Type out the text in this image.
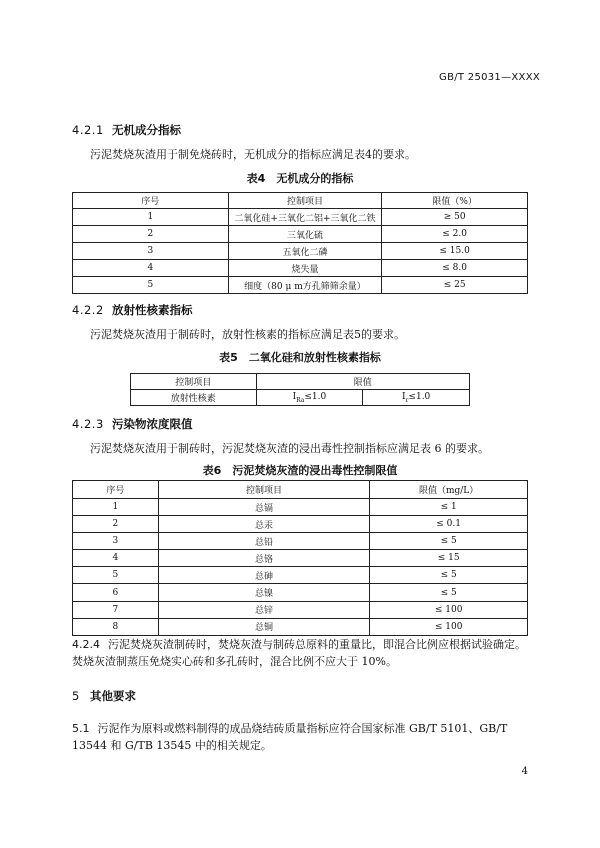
GB/T 25031—XXXX
4.2.1 无机成分指标
污泥焚烧灰渣用于制免烧砖时，无机成分的指标应满足表4的要求。
表4　无机成分的指标
序号	控制项目	限值（%）
1	二氧化硅+三氧化二铝+三氧化二铁	≥ 50
2	三氧化硫	≤ 2.0
3	五氧化二磷	≤ 15.0
4	烧失量	≤ 8.0
5	细度（80 μ m方孔筛筛余量）	≤ 25
4.2.2 放射性核素指标
污泥焚烧灰渣用于制砖时，放射性核素的指标应满足表5的要求。
表5　二氧化硅和放射性核素指标
控制项目	限值	
放射性核素	$I_{Ra}\le 1.0$	$I_r\le 1.0$
4.2.3 污染物浓度限值
污泥焚烧灰渣用于制砖时，污泥焚烧灰渣的浸出毒性控制指标应满足表 6 的要求。
表6　污泥焚烧灰渣的浸出毒性控制限值
序号	控制项目	限值（mg/L）
1	总镉	≤ 1
2	总汞	≤ 0.1
3	总铅	≤ 5
4	总铬	≤ 15
5	总砷	≤ 5
6	总镍	≤ 5
7	总锌	≤ 100
8	总铜	≤ 100
4.2.4 污泥焚烧灰渣制砖时，焚烧灰渣与制砖总原料的重量比，即混合比例应根据试验确定。焚烧灰渣制蒸压免烧实心砖和多孔砖时，混合比例不应大于 10%。
5 其他要求
5.1 污泥作为原料或燃料制得的成品烧结砖质量指标应符合国家标准 GB/T 5101、GB/T 13544 和 G/TB 13545 中的相关规定。
4
